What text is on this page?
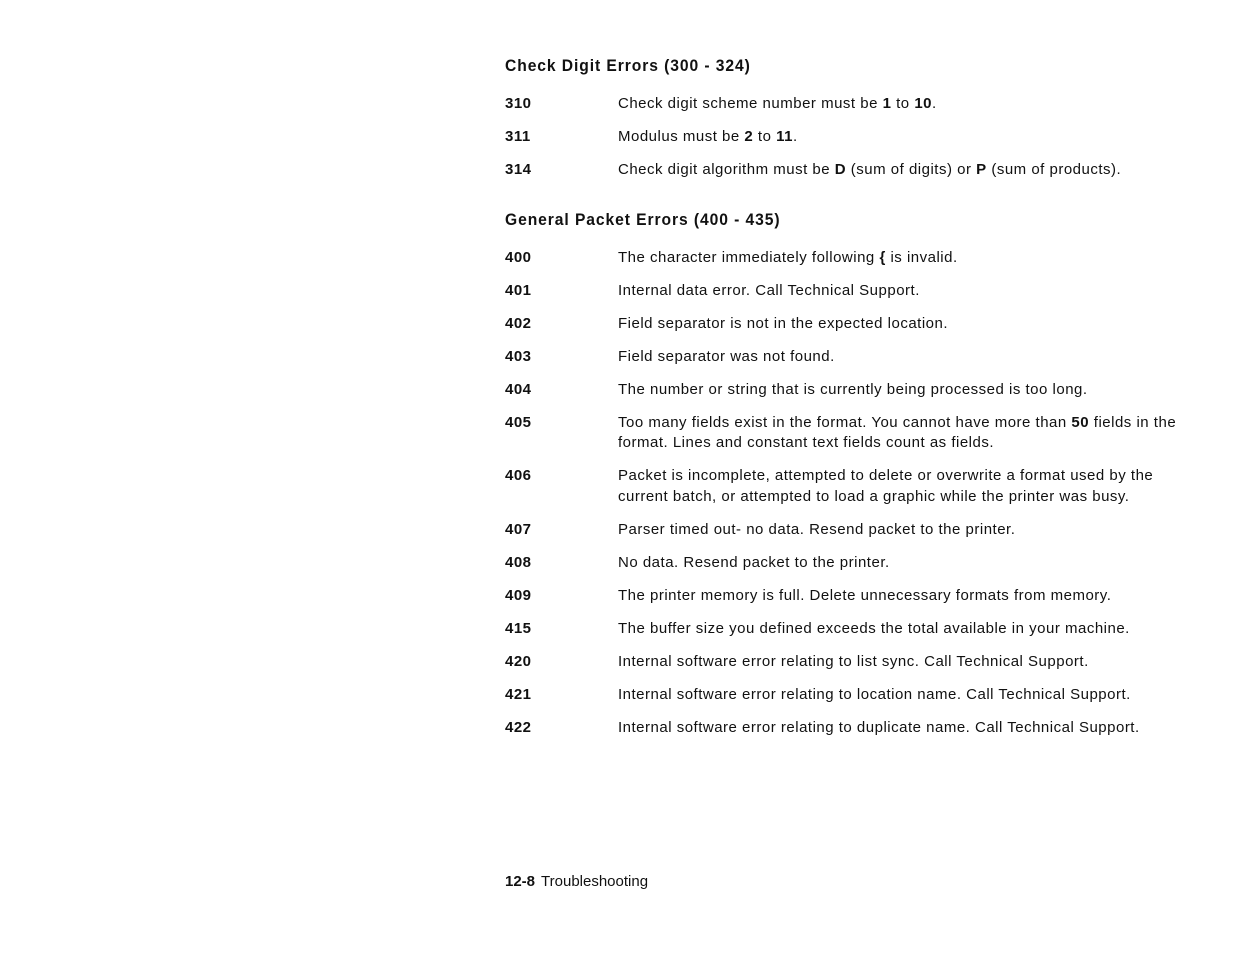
Check Digit Errors (300 - 324)
310	Check digit scheme number must be 1 to 10.
311	Modulus must be 2 to 11.
314	Check digit algorithm must be D (sum of digits) or P (sum of products).
General Packet Errors (400 - 435)
400	The character immediately following { is invalid.
401	Internal data error. Call Technical Support.
402	Field separator is not in the expected location.
403	Field separator was not found.
404	The number or string that is currently being processed is too long.
405	Too many fields exist in the format. You cannot have more than 50 fields in the format. Lines and constant text fields count as fields.
406	Packet is incomplete, attempted to delete or overwrite a format used by the current batch, or attempted to load a graphic while the printer was busy.
407	Parser timed out- no data. Resend packet to the printer.
408	No data. Resend packet to the printer.
409	The printer memory is full. Delete unnecessary formats from memory.
415	The buffer size you defined exceeds the total available in your machine.
420	Internal software error relating to list sync. Call Technical Support.
421	Internal software error relating to location name. Call Technical Support.
422	Internal software error relating to duplicate name. Call Technical Support.
12-8 Troubleshooting
